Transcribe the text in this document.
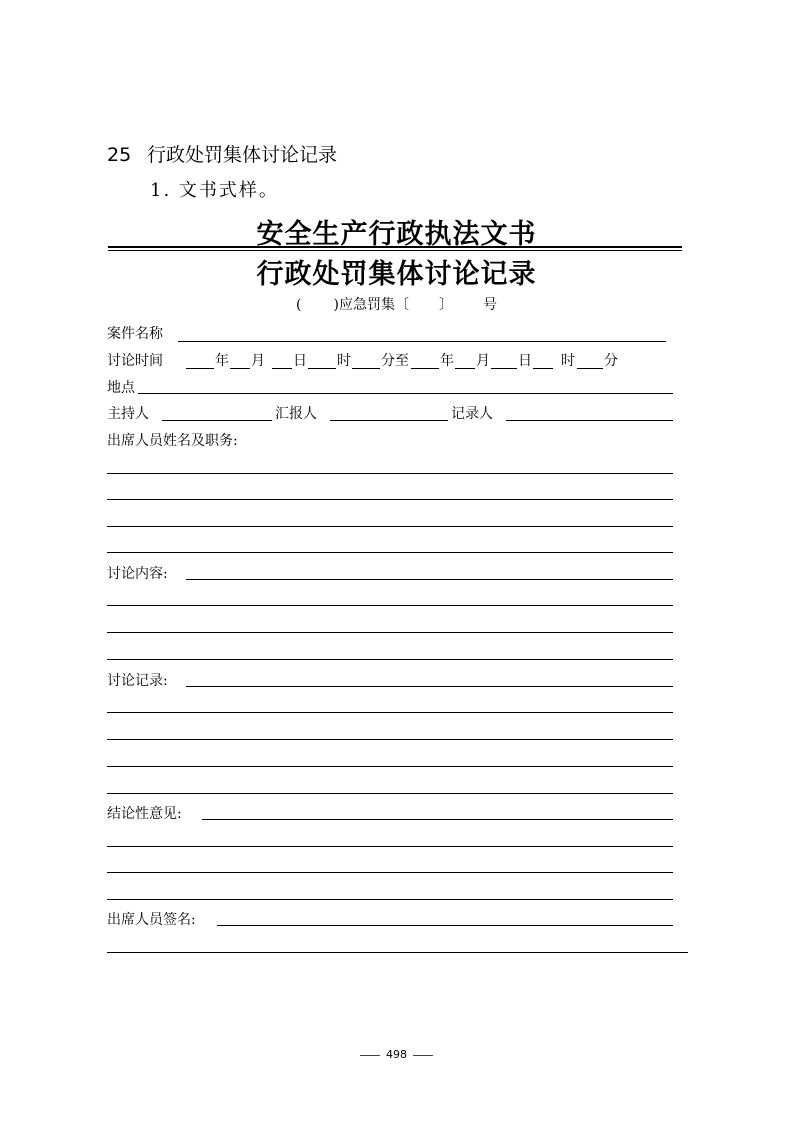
25 行政处罚集体讨论记录
1. 文书式样。
安全生产行政执法文书
行政处罚集体讨论记录
( )应急罚集〔 〕 号
案件名称
讨论时间	年 月 日 时 分至 年 月 日 时 分
地点
主持人	汇报人	记录人
出席人员姓名及职务:
讨论内容:
讨论记录:
结论性意见:
出席人员签名:
498
